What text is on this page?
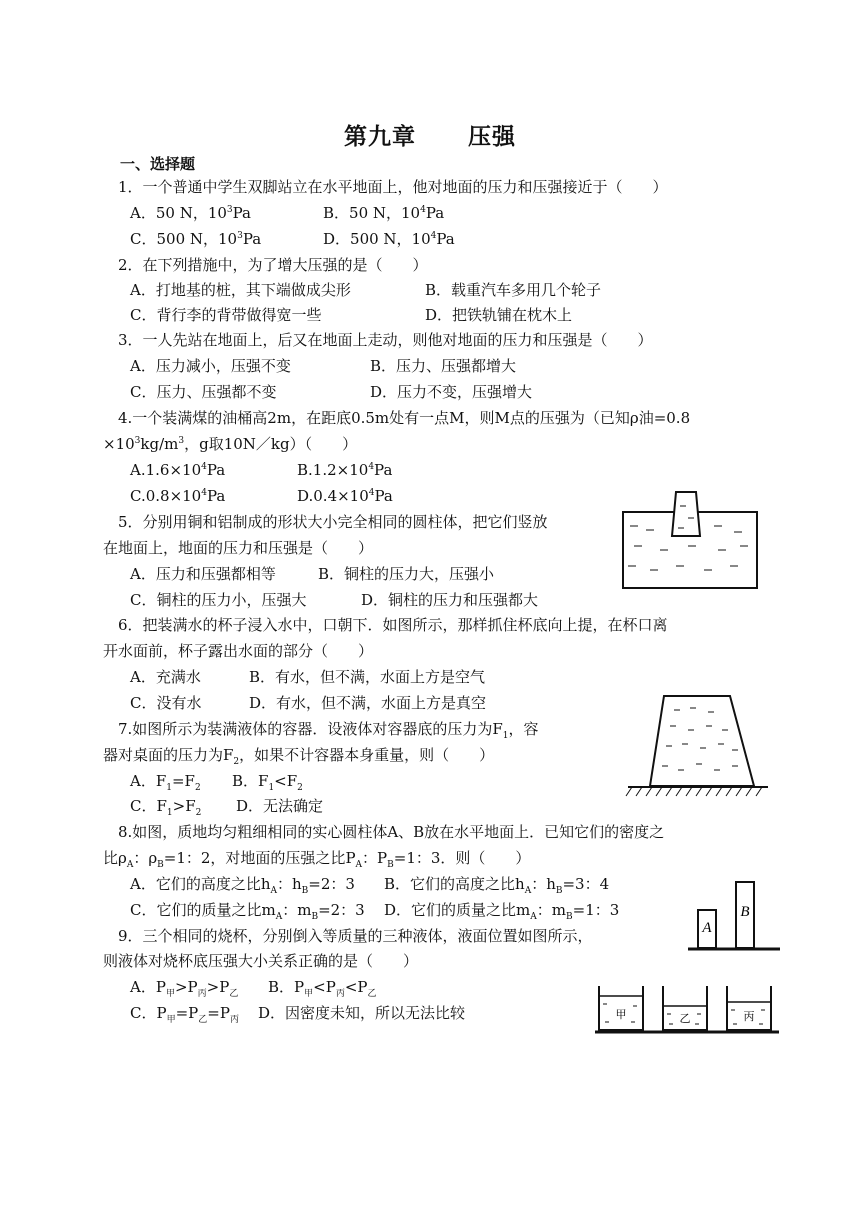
第九章 压强
一、选择题
1．一个普通中学生双脚站立在水平地面上，他对地面的压力和压强接近于（　　）
A．50 N，$10^3Pa$	B．50 N，$10^4Pa$
C．500 N，$10^3Pa$	D．500 N，$10^4Pa$
2．在下列措施中，为了增大压强的是（　　）
A．打地基的桩，其下端做成尖形	B．载重汽车多用几个轮子
C．背行李的背带做得宽一些	D．把铁轨铺在枕木上
3．一人先站在地面上，后又在地面上走动，则他对地面的压力和压强是（　　）
A．压力减小，压强不变	B．压力、压强都增大
C．压力、压强都不变	D．压力不变，压强增大
4.一个装满煤的油桶高2m，在距底0.5m处有一点M，则M点的压强为（已知ρ油=0.8
$\times 10^3kg/m^3$，g取10N／kg）（　　）
$A.1.6\times 10^4Pa$	$B.1.2\times 10^4Pa$
$C.0.8\times 10^4Pa$	$D.0.4\times 10^4Pa$
5．分别用铜和铝制成的形状大小完全相同的圆柱体，把它们竖放
在地面上，地面的压力和压强是（　　）
A．压力和压强都相等	B．铜柱的压力大，压强小
C．铜柱的压力小，压强大	D．铜柱的压力和压强都大
6．把装满水的杯子浸入水中，口朝下．如图所示，那样抓住杯底向上提，在杯口离
开水面前，杯子露出水面的部分（　　）
A．充满水	B．有水，但不满，水面上方是空气
C．没有水	D．有水，但不满，水面上方是真空
7.如图所示为装满液体的容器．设液体对容器底的压力为$F_1$，容
器对桌面的压力为$F_2$，如果不计容器本身重量，则（　　）
A．$F_1=F_2$ B．$F_1<F_2$
C．$F_1>F_2$ D．无法确定
8.如图，质地均匀粗细相同的实心圆柱体A、B放在水平地面上．已知它们的密度之
比$\rho_A$：$\rho_B=1$：2，对地面的压强之比$P_A$：$P_B=1$：3．则（　　）
A．它们的高度之比$h_A$：$h_B=2$：3 B．它们的高度之比$h_A$：$h_B=3$：4
C．它们的质量之比$m_A$：$m_B=2$：3 D．它们的质量之比$m_A$：$m_B=1$：3
9．三个相同的烧杯，分别倒入等质量的三种液体，液面位置如图所示，
则液体对烧杯底压强大小关系正确的是（　　）
A．$P_甲>P_丙>P_乙$ B．$P_甲<P_丙<P_乙$
C．$P_甲=P_乙=P_丙$ D．因密度未知，所以无法比较
A
B
甲	乙	丙
